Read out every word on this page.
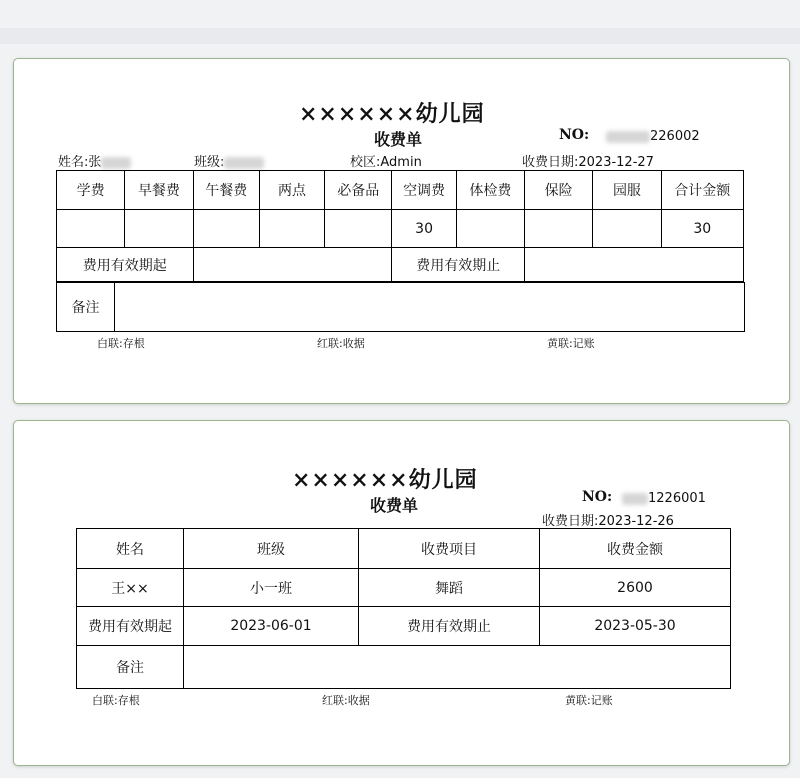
××××××幼儿园
收费单	NO:	226002
姓名:张	班级:	校区:Admin	收费日期:2023-12-27
学费	早餐费	午餐费	两点	必备品	空调费	体检费	保险	园服	合计金额
					30				30
费用有效期起					费用有效期止				
备注	
白联:存根	红联:收据	黄联:记账
××××××幼儿园
收费单	NO:	1226001
收费日期:2023-12-26
姓名	班级	收费项目	收费金额
王××	小一班	舞蹈	2600
费用有效期起	2023-06-01	费用有效期止	2023-05-30
备注			
白联:存根	红联:收据	黄联:记账
